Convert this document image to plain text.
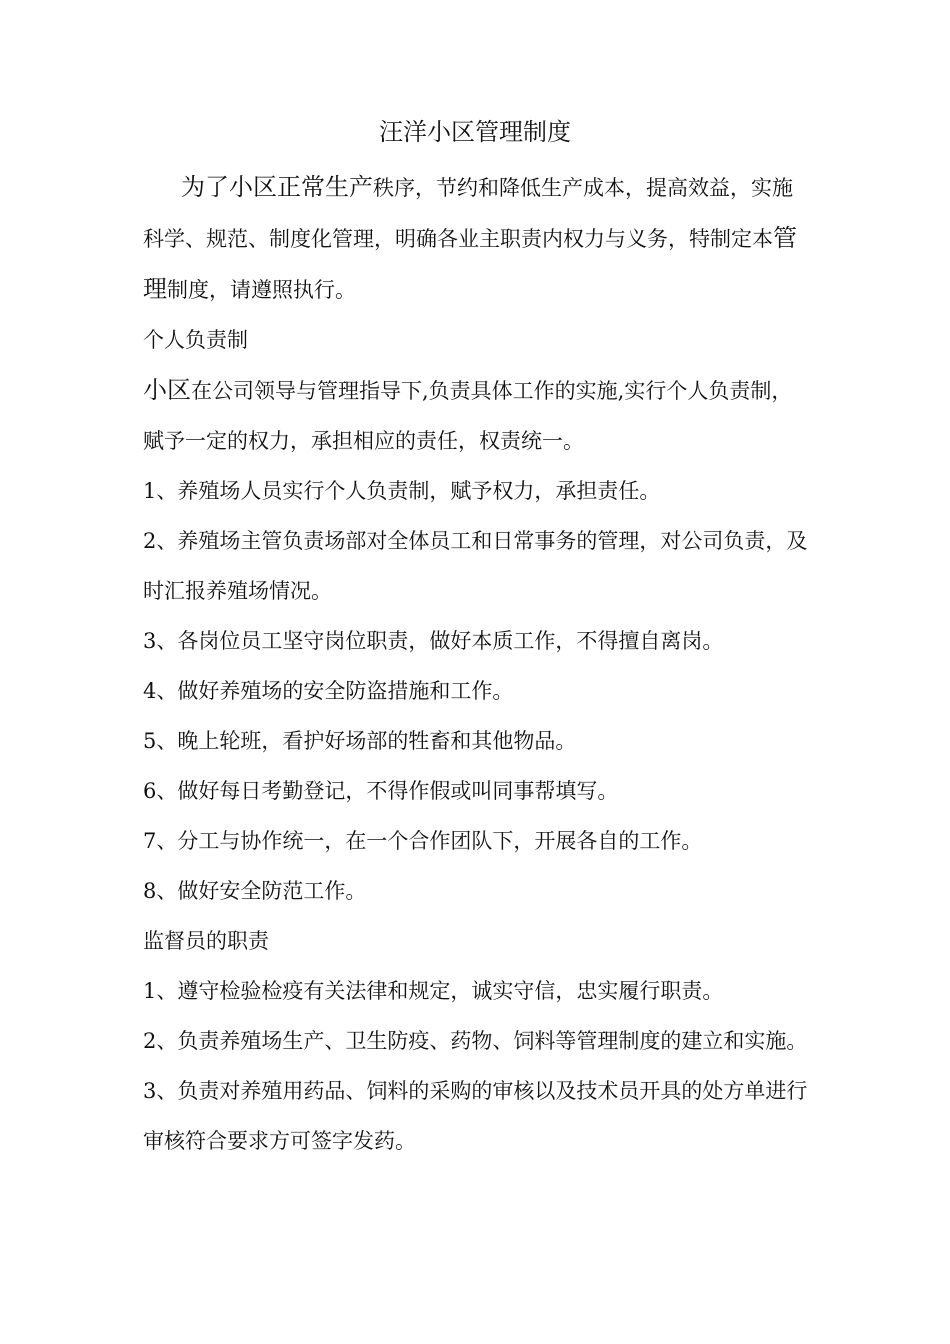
汪洋小区管理制度

为了小区正常生产秩序，节约和降低生产成本，提高效益，实施科学、规范、制度化管理，明确各业主职责内权力与义务，特制定本管理制度，请遵照执行。

个人负责制

小区在公司领导与管理指导下,负责具体工作的实施,实行个人负责制，赋予一定的权力，承担相应的责任，权责统一。

1、养殖场人员实行个人负责制，赋予权力，承担责任。

2、养殖场主管负责场部对全体员工和日常事务的管理，对公司负责，及时汇报养殖场情况。

3、各岗位员工坚守岗位职责，做好本质工作，不得擅自离岗。

4、做好养殖场的安全防盗措施和工作。

5、晚上轮班，看护好场部的牲畜和其他物品。

6、做好每日考勤登记，不得作假或叫同事帮填写。

7、分工与协作统一，在一个合作团队下，开展各自的工作。

8、做好安全防范工作。

监督员的职责

1、遵守检验检疫有关法律和规定，诚实守信，忠实履行职责。

2、负责养殖场生产、卫生防疫、药物、饲料等管理制度的建立和实施。

3、负责对养殖用药品、饲料的采购的审核以及技术员开具的处方单进行审核符合要求方可签字发药。
